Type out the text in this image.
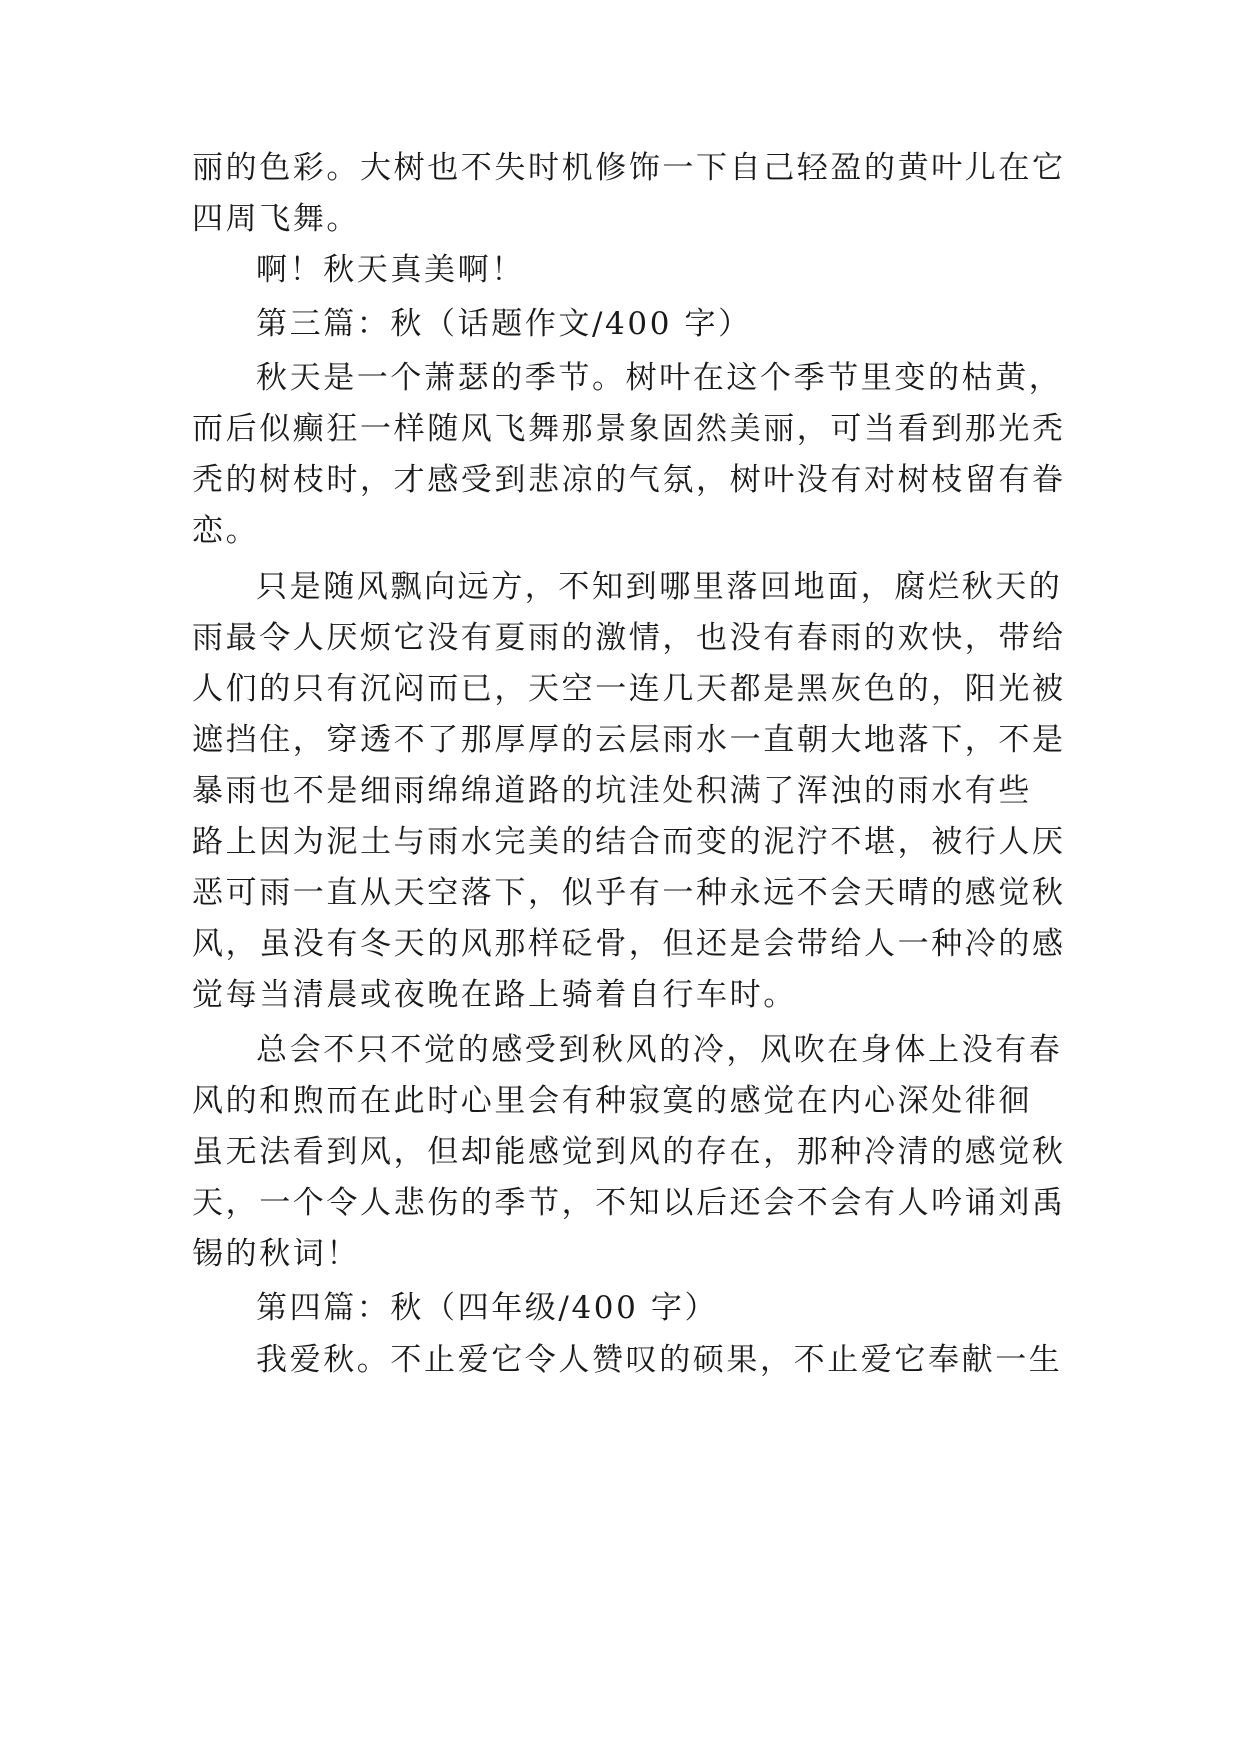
丽的色彩。大树也不失时机修饰一下自己轻盈的黄叶儿在它
四周飞舞。
啊！秋天真美啊！
第三篇：秋（话题作文/400 字）
秋天是一个萧瑟的季节。树叶在这个季节里变的枯黄，
而后似癫狂一样随风飞舞那景象固然美丽，可当看到那光秃
秃的树枝时，才感受到悲凉的气氛，树叶没有对树枝留有眷
恋。
只是随风飘向远方，不知到哪里落回地面，腐烂秋天的
雨最令人厌烦它没有夏雨的激情，也没有春雨的欢快，带给
人们的只有沉闷而已，天空一连几天都是黑灰色的，阳光被
遮挡住，穿透不了那厚厚的云层雨水一直朝大地落下，不是
暴雨也不是细雨绵绵道路的坑洼处积满了浑浊的雨水有些
路上因为泥土与雨水完美的结合而变的泥泞不堪，被行人厌
恶可雨一直从天空落下，似乎有一种永远不会天晴的感觉秋
风，虽没有冬天的风那样砭骨，但还是会带给人一种冷的感
觉每当清晨或夜晚在路上骑着自行车时。
总会不只不觉的感受到秋风的冷，风吹在身体上没有春
风的和煦而在此时心里会有种寂寞的感觉在内心深处徘徊
虽无法看到风，但却能感觉到风的存在，那种冷清的感觉秋
天，一个令人悲伤的季节，不知以后还会不会有人吟诵刘禹
锡的秋词！
第四篇：秋（四年级/400 字）
我爱秋。不止爱它令人赞叹的硕果，不止爱它奉献一生
